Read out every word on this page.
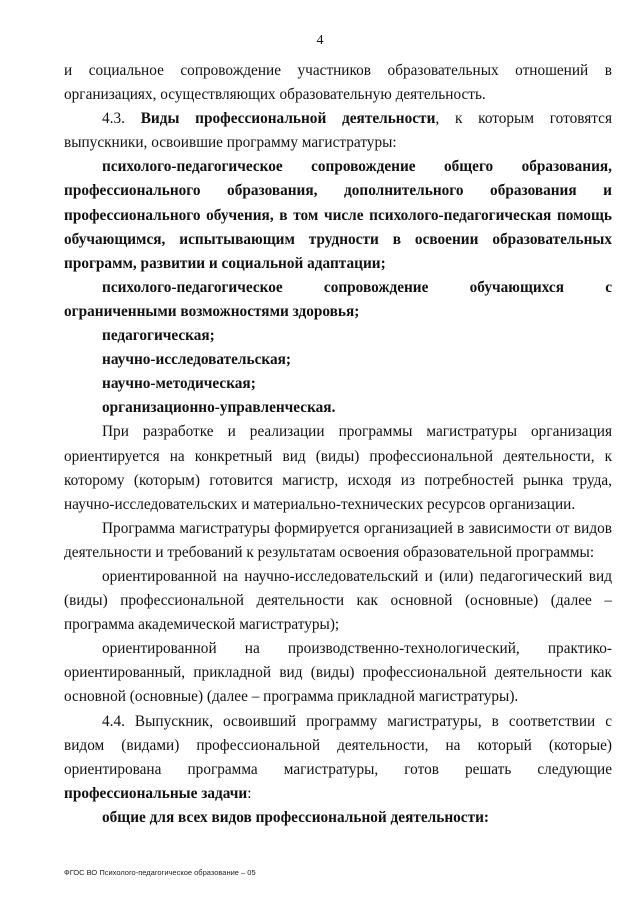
4

и социальное сопровождение участников образовательных отношений в организациях, осуществляющих образовательную деятельность.

4.3. Виды профессиональной деятельности, к которым готовятся выпускники, освоившие программу магистратуры:

психолого-педагогическое сопровождение общего образования, профессионального образования, дополнительного образования и профессионального обучения, в том числе психолого-педагогическая помощь обучающимся, испытывающим трудности в освоении образовательных программ, развитии и социальной адаптации;

психолого-педагогическое сопровождение обучающихся с ограниченными возможностями здоровья;

педагогическая;

научно-исследовательская;

научно-методическая;

организационно-управленческая.

При разработке и реализации программы магистратуры организация ориентируется на конкретный вид (виды) профессиональной деятельности, к которому (которым) готовится магистр, исходя из потребностей рынка труда, научно-исследовательских и материально-технических ресурсов организации.

Программа магистратуры формируется организацией в зависимости от видов деятельности и требований к результатам освоения образовательной программы:

ориентированной на научно-исследовательский и (или) педагогический вид (виды) профессиональной деятельности как основной (основные) (далее – программа академической магистратуры);

ориентированной на производственно-технологический, практико-ориентированный, прикладной вид (виды) профессиональной деятельности как основной (основные) (далее – программа прикладной магистратуры).

4.4. Выпускник, освоивший программу магистратуры, в соответствии с видом (видами) профессиональной деятельности, на который (которые) ориентирована программа магистратуры, готов решать следующие профессиональные задачи:

общие для всех видов профессиональной деятельности:

ФГОС ВО Психолого-педагогическое образование – 05
